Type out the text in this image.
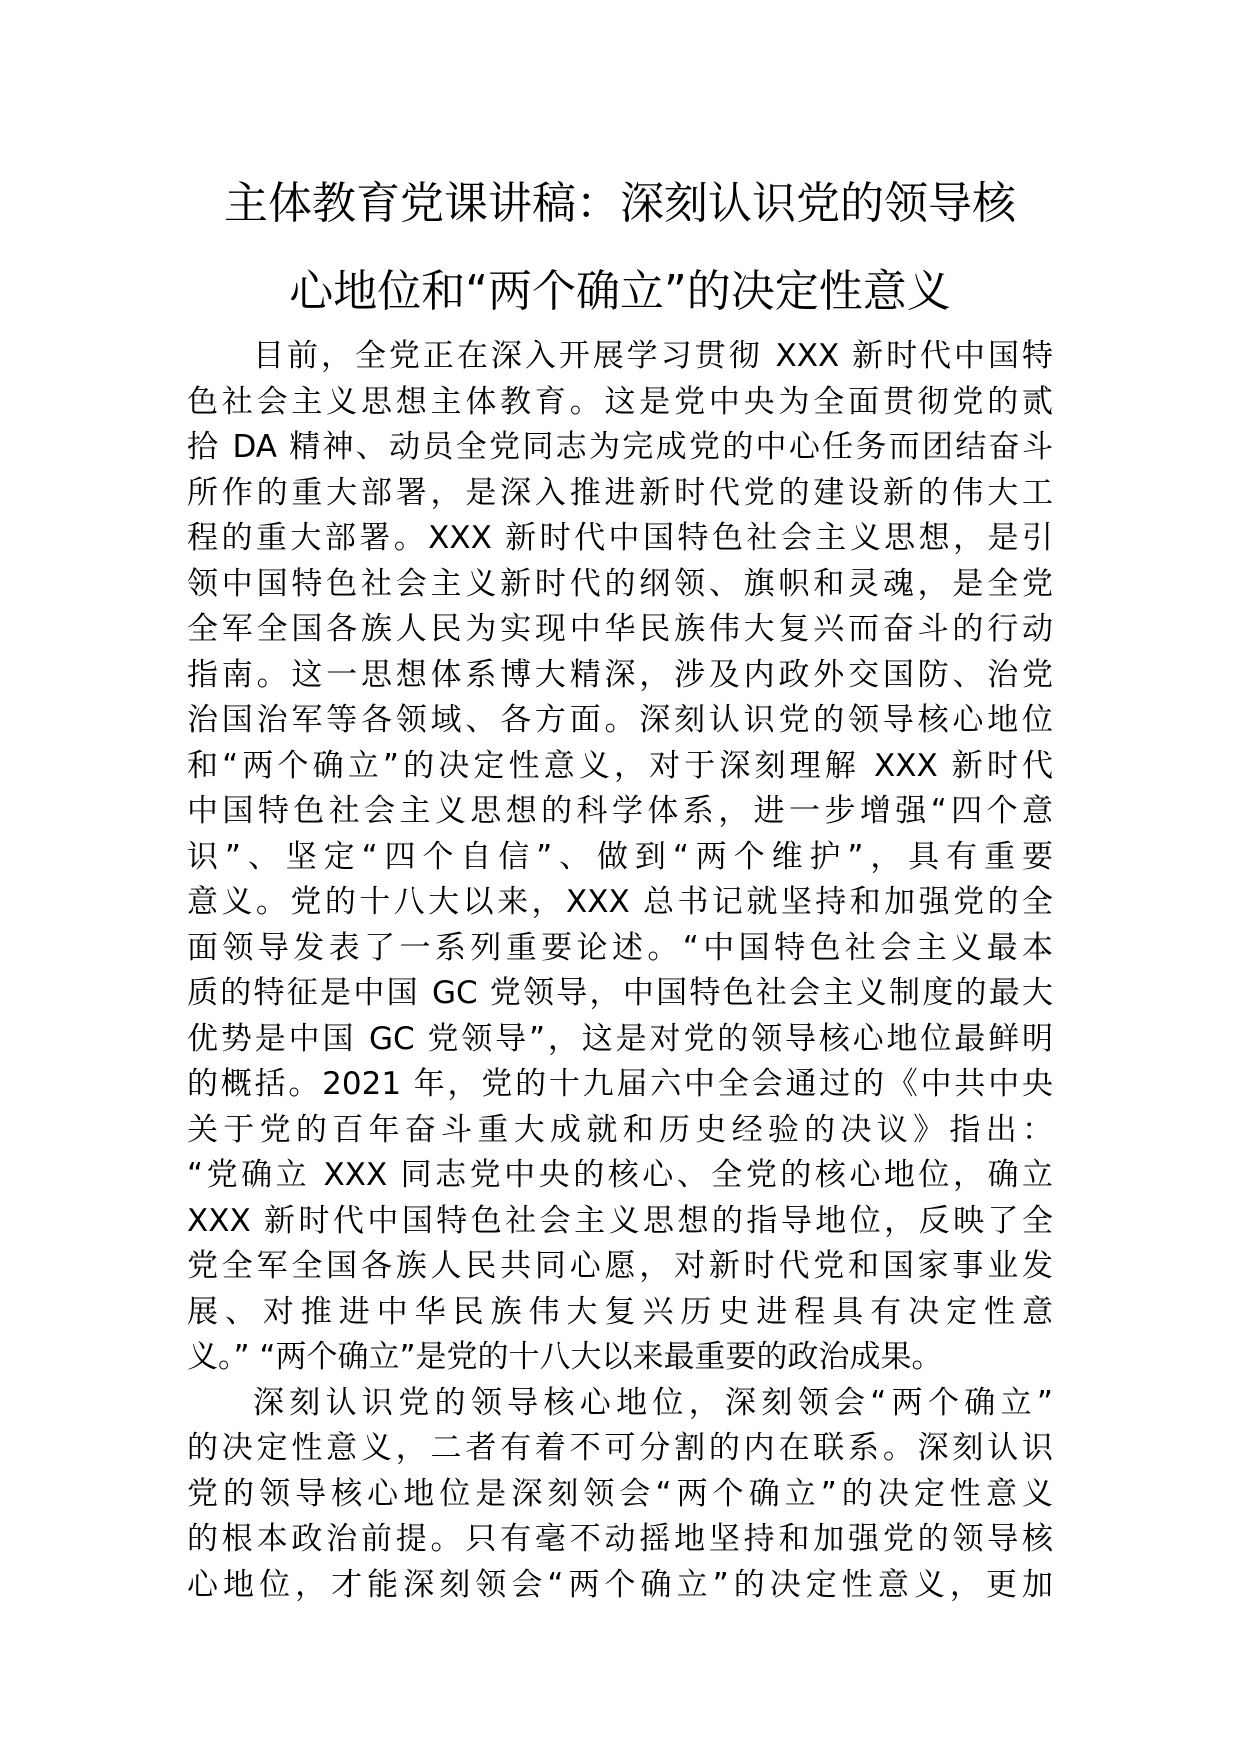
主体教育党课讲稿：深刻认识党的领导核
心地位和“两个确立”的决定性意义
目前，全党正在深入开展学习贯彻 XXX 新时代中国特
色社会主义思想主体教育。这是党中央为全面贯彻党的贰
拾 DA 精神、动员全党同志为完成党的中心任务而团结奋斗
所作的重大部署，是深入推进新时代党的建设新的伟大工
程的重大部署。XXX 新时代中国特色社会主义思想，是引
领中国特色社会主义新时代的纲领、旗帜和灵魂，是全党
全军全国各族人民为实现中华民族伟大复兴而奋斗的行动
指南。这一思想体系博大精深，涉及内政外交国防、治党
治国治军等各领域、各方面。深刻认识党的领导核心地位
和“两个确立”的决定性意义，对于深刻理解 XXX 新时代
中国特色社会主义思想的科学体系，进一步增强“四个意
识”、坚定“四个自信”、做到“两个维护”，具有重要
意义。党的十八大以来，XXX 总书记就坚持和加强党的全
面领导发表了一系列重要论述。“中国特色社会主义最本
质的特征是中国 GC 党领导，中国特色社会主义制度的最大
优势是中国 GC 党领导”，这是对党的领导核心地位最鲜明
的概括。2021 年，党的十九届六中全会通过的《中共中央
关于党的百年奋斗重大成就和历史经验的决议》指出：
“党确立 XXX 同志党中央的核心、全党的核心地位，确立
XXX 新时代中国特色社会主义思想的指导地位，反映了全
党全军全国各族人民共同心愿，对新时代党和国家事业发
展、对推进中华民族伟大复兴历史进程具有决定性意
义。” “两个确立”是党的十八大以来最重要的政治成果。
深刻认识党的领导核心地位，深刻领会“两个确立”
的决定性意义，二者有着不可分割的内在联系。深刻认识
党的领导核心地位是深刻领会“两个确立”的决定性意义
的根本政治前提。只有毫不动摇地坚持和加强党的领导核
心地位，才能深刻领会“两个确立”的决定性意义，更加
